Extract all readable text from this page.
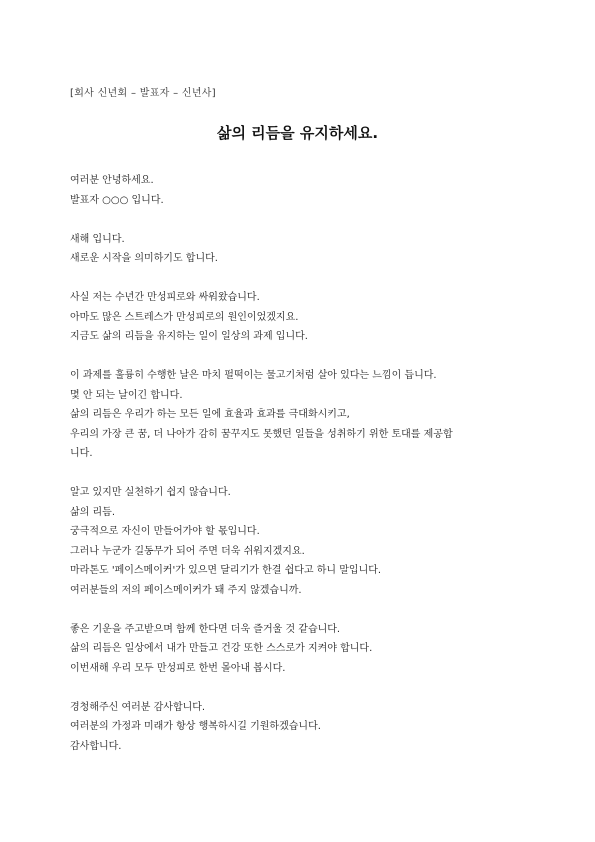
[회사 신년회 – 발표자 – 신년사]
삶의 리듬을 유지하세요.
여러분 안녕하세요.
발표자 ○○○ 입니다.
새해 입니다.
새로운 시작을 의미하기도 합니다.
사실 저는 수년간 만성피로와 싸워왔습니다.
아마도 많은 스트레스가 만성피로의 원인이었겠지요.
지금도 삶의 리듬을 유지하는 일이 일상의 과제 입니다.
이 과제를 훌륭히 수행한 날은 마치 펄떡이는 물고기처럼 살아 있다는 느낌이 듭니다.
몇 안 되는 날이긴 합니다.
삶의 리듬은 우리가 하는 모든 일에 효율과 효과를 극대화시키고,
우리의 가장 큰 꿈, 더 나아가 감히 꿈꾸지도 못했던 일들을 성취하기 위한 토대를 제공합
니다.
알고 있지만 실천하기 쉽지 않습니다.
삶의 리듬.
궁극적으로 자신이 만들어가야 할 몫입니다.
그러나 누군가 길동무가 되어 주면 더욱 쉬워지겠지요.
마라톤도 '페이스메이커'가 있으면 달리기가 한결 쉽다고 하니 말입니다.
여러분들의 저의 페이스메이커가 돼 주지 않겠습니까.
좋은 기운을 주고받으며 함께 한다면 더욱 즐거울 것 같습니다.
삶의 리듬은 일상에서 내가 만들고 건강 또한 스스로가 지켜야 합니다.
이번새해 우리 모두 만성피로 한번 몰아내 봅시다.
경청해주신 여러분 감사합니다.
여러분의 가정과 미래가 항상 행복하시길 기원하겠습니다.
감사합니다.
